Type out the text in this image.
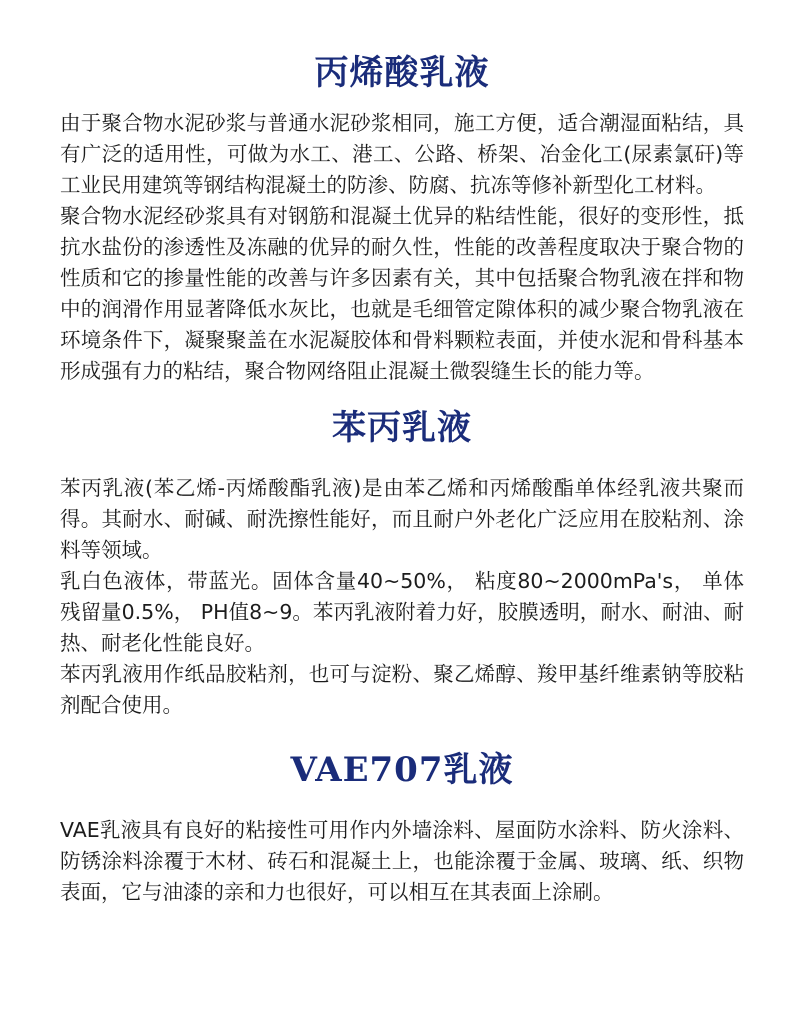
丙烯酸乳液

由于聚合物水泥砂浆与普通水泥砂浆相同，施工方便，适合潮湿面粘结，具有广泛的适用性，可做为水工、港工、公路、桥架、冶金化工(尿素氯矸)等工业民用建筑等钢结构混凝土的防渗、防腐、抗冻等修补新型化工材料。

聚合物水泥经砂浆具有对钢筋和混凝土优异的粘结性能，很好的变形性，抵抗水盐份的渗透性及冻融的优异的耐久性，性能的改善程度取决于聚合物的性质和它的掺量性能的改善与许多因素有关，其中包括聚合物乳液在拌和物中的润滑作用显著降低水灰比，也就是毛细管定隙体积的减少聚合物乳液在环境条件下，凝聚聚盖在水泥凝胶体和骨料颗粒表面，并使水泥和骨科基本形成强有力的粘结，聚合物网络阻止混凝土微裂缝生长的能力等。

苯丙乳液

苯丙乳液(苯乙烯-丙烯酸酯乳液)是由苯乙烯和丙烯酸酯单体经乳液共聚而得。其耐水、耐碱、耐洗擦性能好，而且耐户外老化广泛应用在胶粘剂、涂料等领域。

乳白色液体，带蓝光。固体含量40~50%， 粘度80~2000mPa's， 单体残留量0.5%， PH值8~9。苯丙乳液附着力好，胶膜透明，耐水、耐油、耐热、耐老化性能良好。

苯丙乳液用作纸品胶粘剂，也可与淀粉、聚乙烯醇、羧甲基纤维素钠等胶粘剂配合使用。

VAE707乳液

VAE乳液具有良好的粘接性可用作内外墙涂料、屋面防水涂料、防火涂料、防锈涂料涂覆于木材、砖石和混凝土上，也能涂覆于金属、玻璃、纸、织物表面，它与油漆的亲和力也很好，可以相互在其表面上涂刷。
